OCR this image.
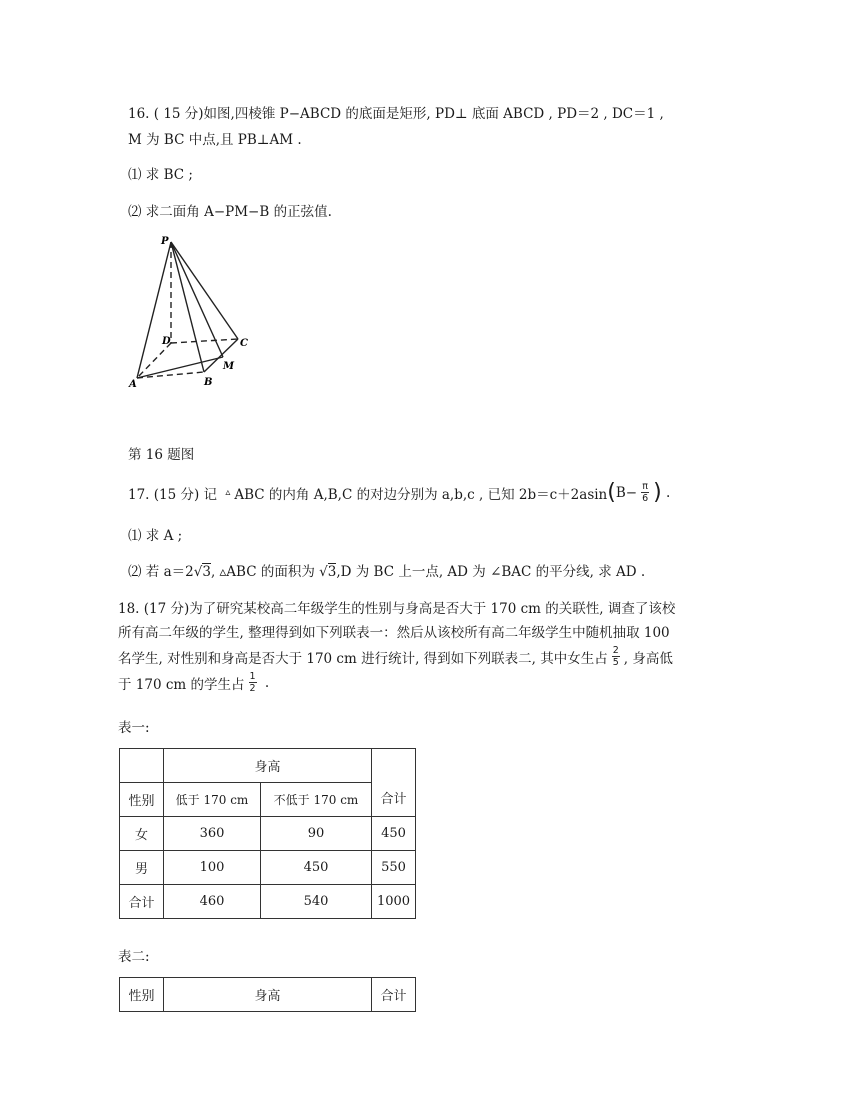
16. ( 15 分)如图,四棱锥 P−ABCD 的底面是矩形, PD⊥ 底面 ABCD , PD＝2 , DC＝1 ,
M 为 BC 中点,且 PB⊥AM .
⑴ 求 BC ;
⑵ 求二面角 A−PM−B 的正弦值.
P
D	C
A	B
M
第 16 题图
17. (15 分) 记 ▵ ABC 的内角 A,B,C 的对边分别为 a,b,c , 已知 2b＝c＋2asin ( $B- \frac{\pi}{6}$ ) .
⑴ 求 A ;
⑵ 若 a＝2√3, ▵ABC 的面积为 √3,D 为 BC 上一点, AD 为 ∠BAC 的平分线, 求 AD .
18. (17 分)为了研究某校高二年级学生的性别与身高是否大于 170 cm 的关联性, 调查了该校
所有高二年级的学生, 整理得到如下列联表一：然后从该校所有高二年级学生中随机抽取 100
名学生, 对性别和身高是否大于 170 cm 进行统计, 得到如下列联表二, 其中女生占 $\frac{2}{5}$ , 身高低
于 170 cm 的学生占 $\frac{1}{2}$ .
表一:
	身高		合计

性别	低于 170 cm	不低于 170 cm	
女	360	90	450
男	100	450	550
合计	460	540	1000
表二:
性别	身高	合计
